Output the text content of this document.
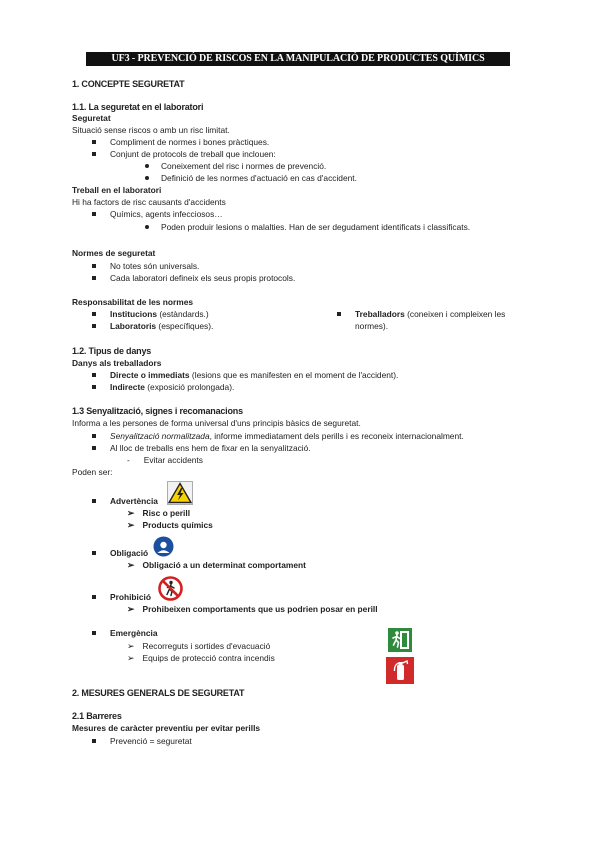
UF3 - PREVENCIÓ DE RISCOS EN LA MANIPULACIÓ DE PRODUCTES QUÍMICS
1. CONCEPTE SEGURETAT
1.1. La seguretat en el laboratori
Seguretat
Situació sense riscos o amb un risc limitat.
Compliment de normes i bones pràctiques.
Conjunt de protocols de treball que inclouen:
Coneixement del risc i normes de prevenció.
Definició de les normes d'actuació en cas d'accident.
Treball en el laboratori
Hi ha factors de risc causants d'accidents
Químics, agents infecciosos…
Poden produir lesions o malalties. Han de ser degudament identificats i classificats.
Normes de seguretat
No totes són universals.
Cada laboratori defineix els seus propis protocols.
Responsabilitat de les normes
Institucions (estàndards.)
Laboratoris (específiques).
Treballadors (coneixen i compleixen les
normes).
1.2. Tipus de danys
Danys als treballadors
Directe o immediats (lesions que es manifesten en el moment de l'accident).
Indirecte (exposició prolongada).
1.3 Senyalització, signes i recomanacions
Informa a les persones de forma universal d'uns principis bàsics de seguretat.
Senyalització normalitzada, informe immediatament dels perills i es reconeix internacionalment.
Al lloc de treballs ens hem de fixar en la senyalització.
- Evitar accidents
Poden ser:
Advertència
➢ Risc o perill
➢ Products químics
Obligació
➢ Obligació a un determinat comportament
Prohibició
➢ Prohibeixen comportaments que us podrien posar en perill
Emergència
➢ Recorreguts i sortides d'evacuació
➢ Equips de protecció contra incendis
2. MESURES GENERALS DE SEGURETAT
2.1 Barreres
Mesures de caràcter preventiu per evitar perills
Prevenció = seguretat
